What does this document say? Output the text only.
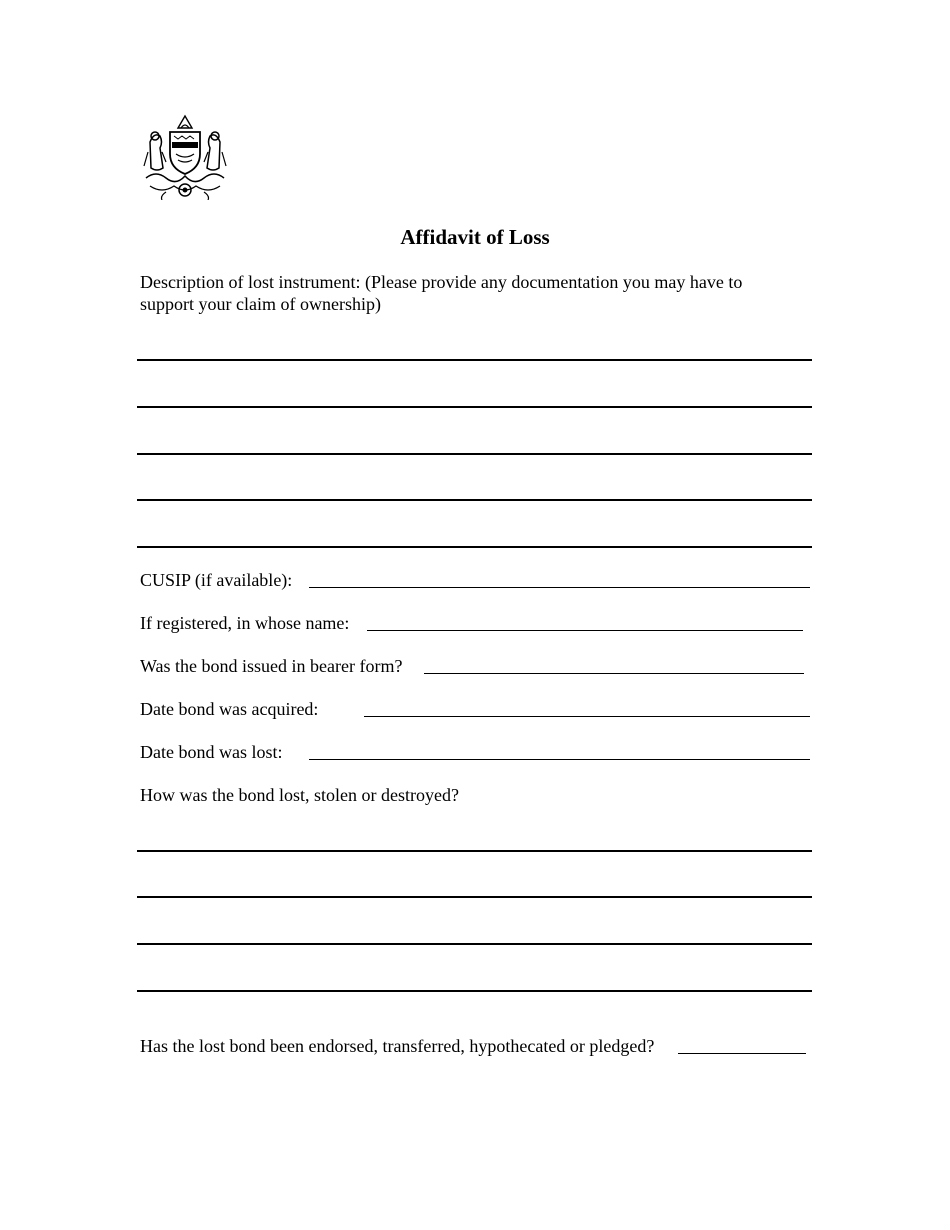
Affidavit of Loss
Description of lost instrument: (Please provide any documentation you may have to support your claim of ownership)
CUSIP (if available):
If registered, in whose name:
Was the bond issued in bearer form?
Date bond was acquired:
Date bond was lost:
How was the bond lost, stolen or destroyed?
Has the lost bond been endorsed, transferred, hypothecated or pledged?
